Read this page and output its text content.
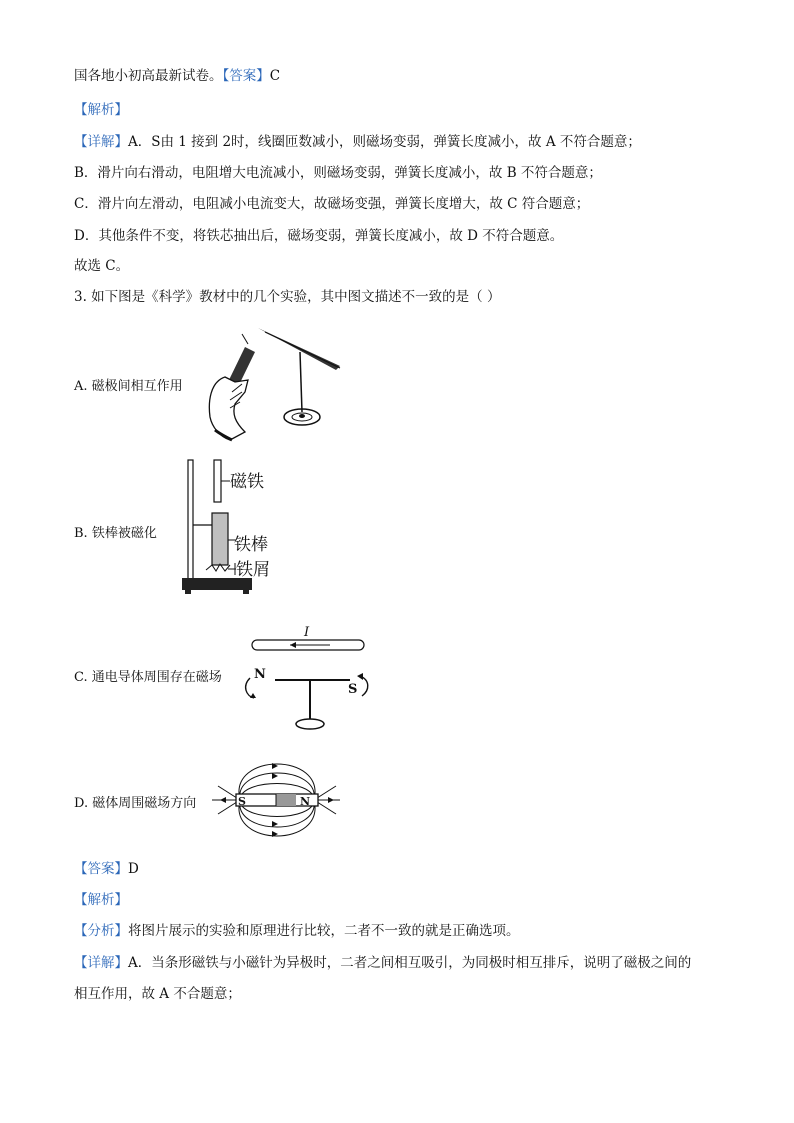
国各地小初高最新试卷。【答案】C
【解析】
【详解】A．S由 1 接到 2时，线圈匝数减小，则磁场变弱，弹簧长度减小，故 A 不符合题意；
B．滑片向右滑动，电阻增大电流减小，则磁场变弱，弹簧长度减小，故 B 不符合题意；
C．滑片向左滑动，电阻减小电流变大，故磁场变强，弹簧长度增大，故 C 符合题意；
D．其他条件不变，将铁芯抽出后，磁场变弱，弹簧长度减小，故 D 不符合题意。
故选 C。
3. 如下图是《科学》教材中的几个实验，其中图文描述不一致的是（ ）
A. 磁极间相互作用
B. 铁棒被磁化
磁铁
铁棒
铁屑
C. 通电导体周围存在磁场
I
N
S
D. 磁体周围磁场方向	S	N
【答案】D
【解析】
【分析】将图片展示的实验和原理进行比较，二者不一致的就是正确选项。
【详解】A．当条形磁铁与小磁针为异极时，二者之间相互吸引，为同极时相互排斥，说明了磁极之间的
相互作用，故 A 不合题意；
